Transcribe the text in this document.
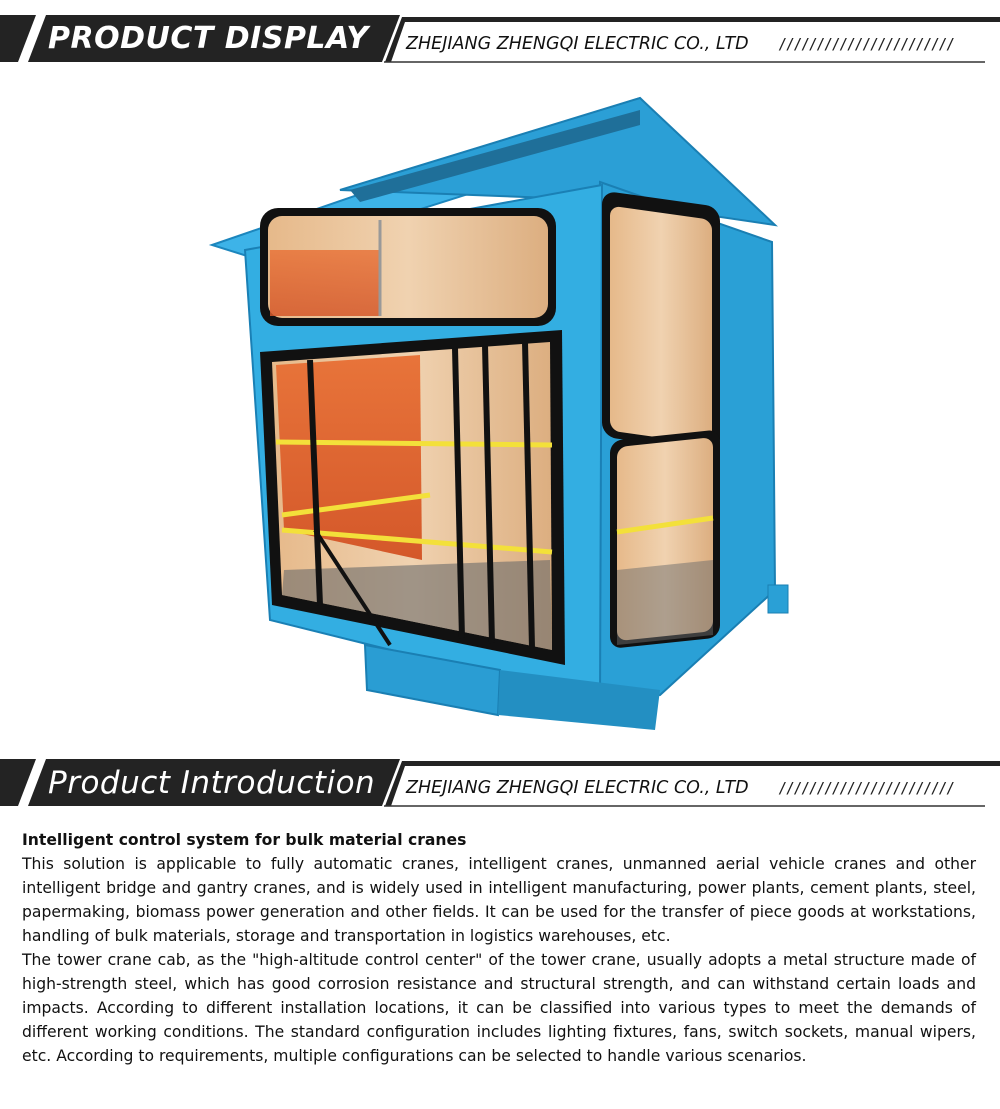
PRODUCT DISPLAY ZHEJIANG ZHENGQI ELECTRIC CO., LTD ///////////////////////
Product Introduction ZHEJIANG ZHENGQI ELECTRIC CO., LTD ///////////////////////
Intelligent control system for bulk material cranes

This solution is applicable to fully automatic cranes, intelligent cranes, unmanned aerial vehicle cranes and other intelligent bridge and gantry cranes, and is widely used in intelligent manufacturing, power plants, cement plants, steel, papermaking, biomass power generation and other fields. It can be used for the transfer of piece goods at workstations, handling of bulk materials, storage and transportation in logistics warehouses, etc.

The tower crane cab, as the "high-altitude control center" of the tower crane, usually adopts a metal structure made of high-strength steel, which has good corrosion resistance and structural strength, and can withstand certain loads and impacts. According to different installation locations, it can be classified into various types to meet the demands of different working conditions. The standard configuration includes lighting fixtures, fans, switch sockets, manual wipers, etc. According to requirements, multiple configurations can be selected to handle various scenarios.
